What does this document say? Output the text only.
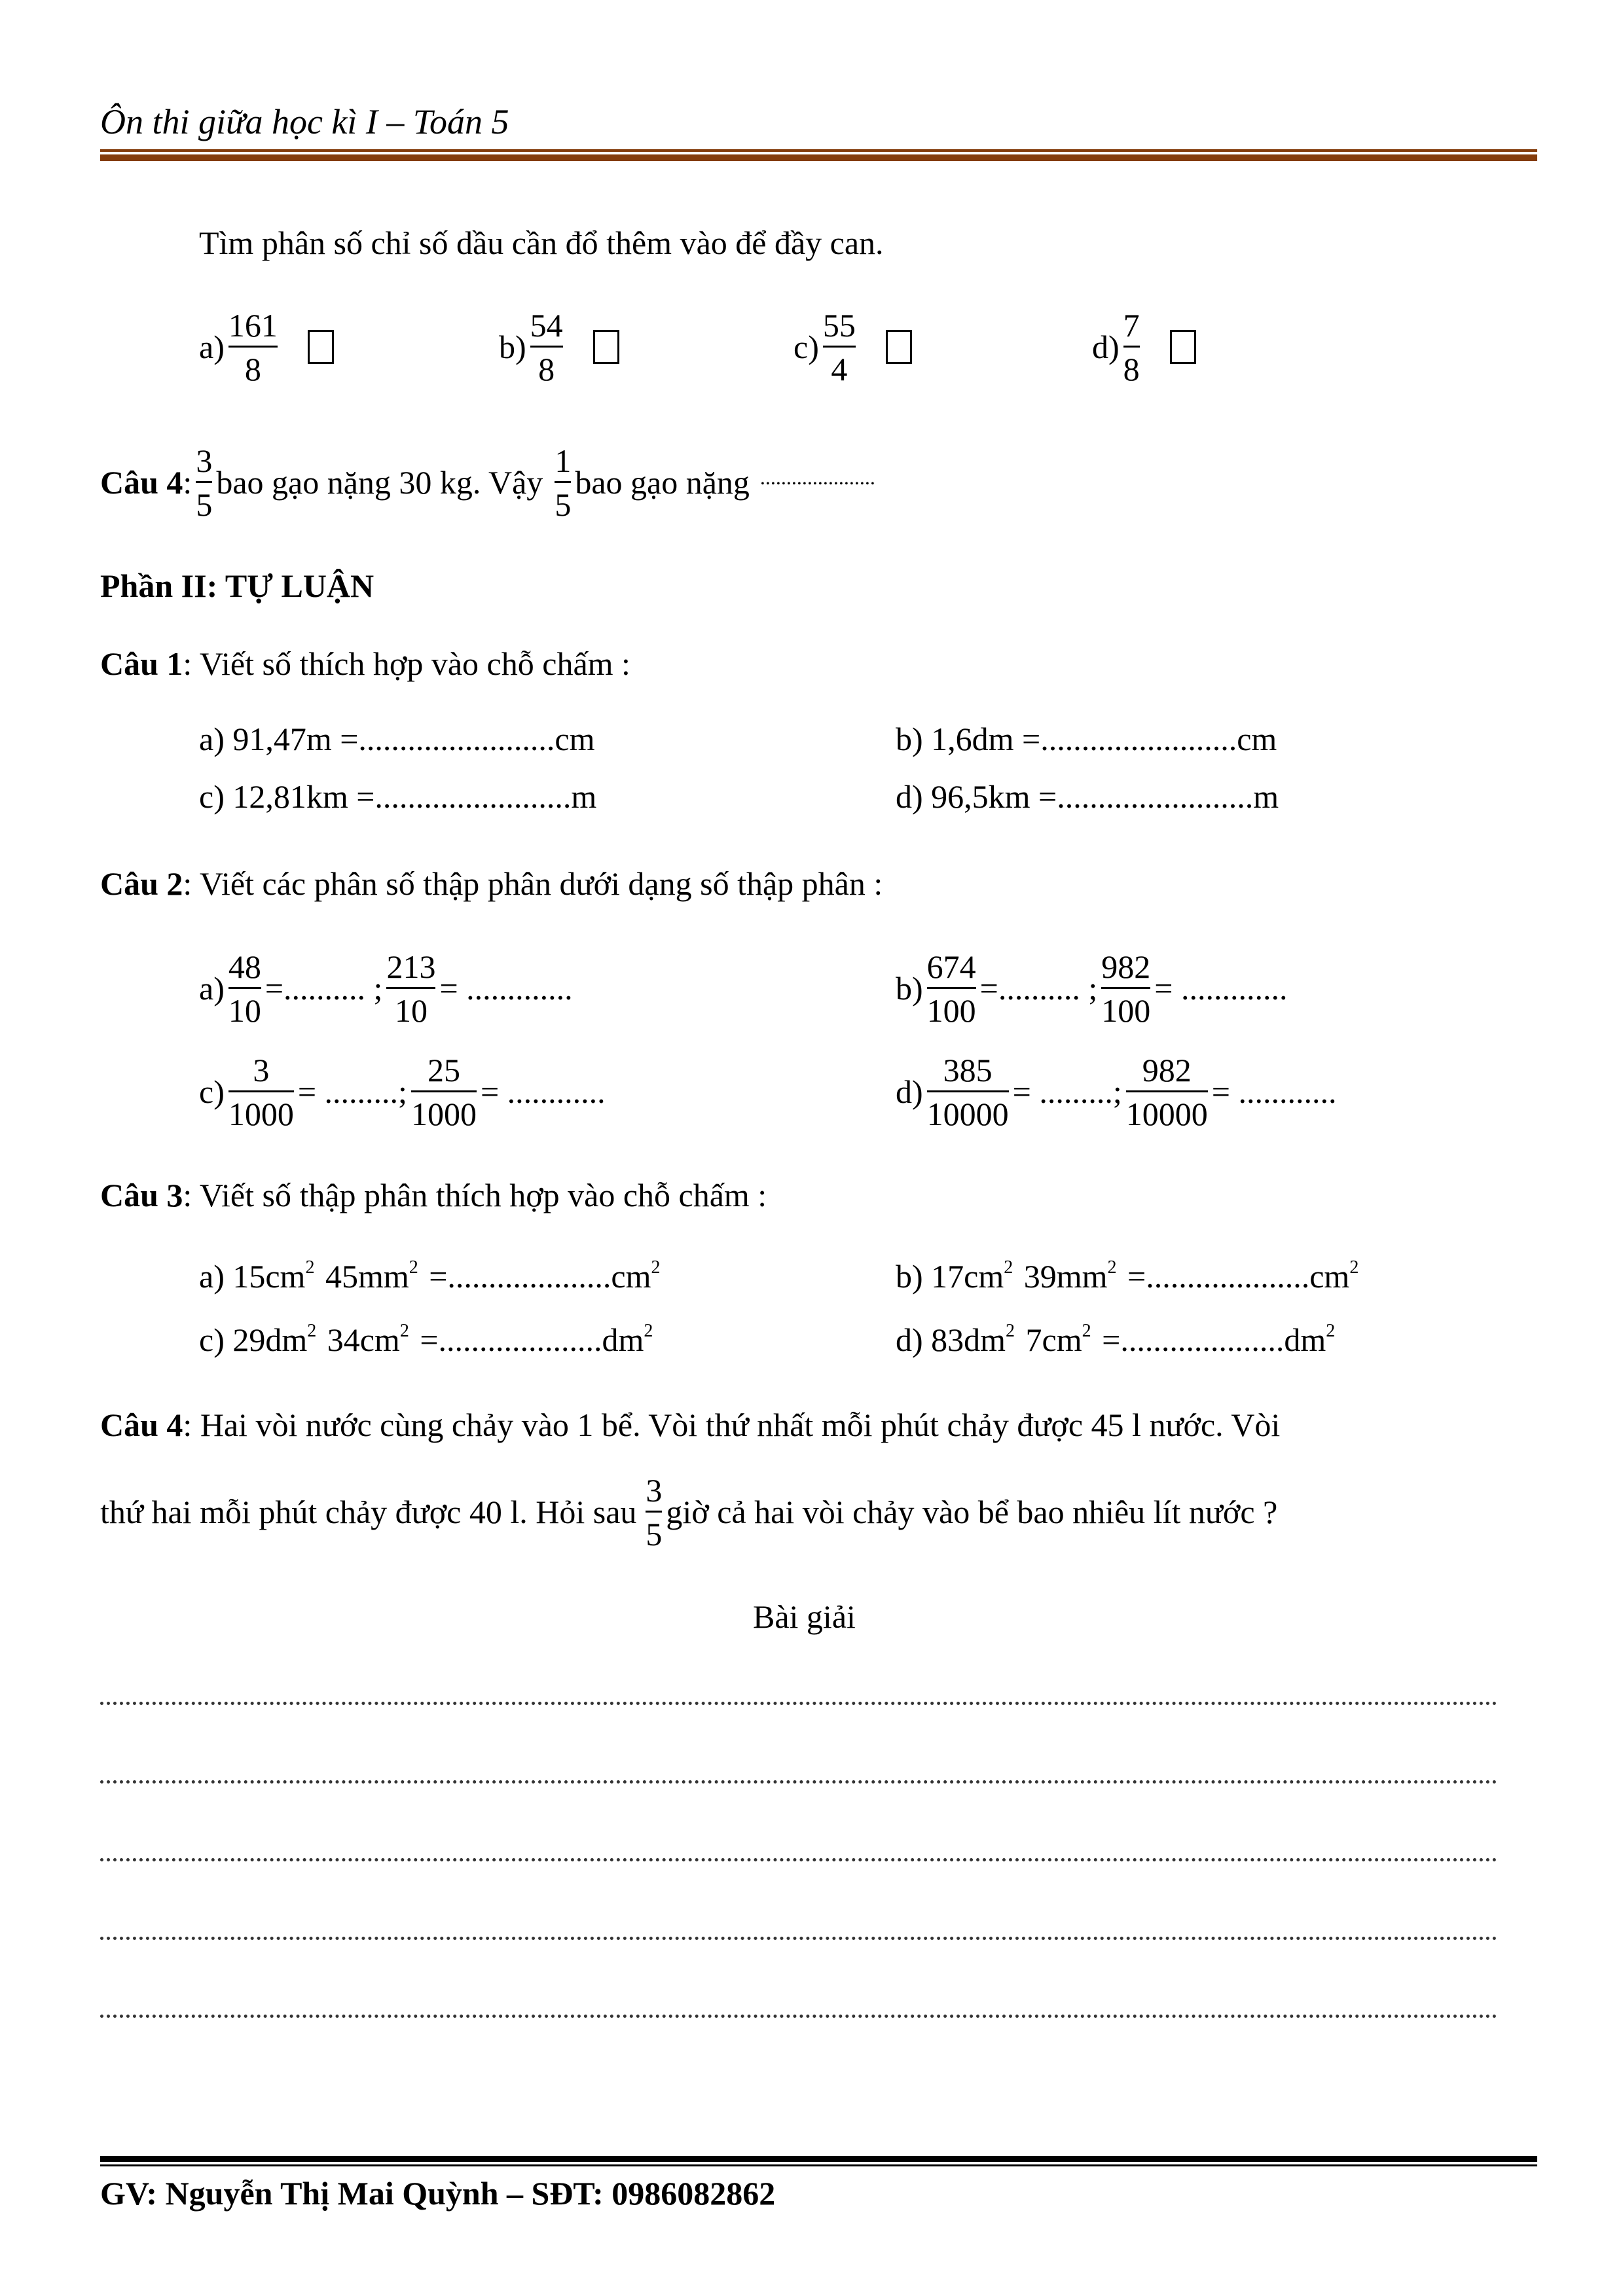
Ôn thi giữa học kì I – Toán 5
Tìm phân số chỉ số dầu cần đổ thêm vào để đầy can.
$a) \frac{161}{8}$	$b) \frac{54}{8}$	$c) \frac{55}{4}$	$d) \frac{7}{8}$
Câu 4 : $\frac{3}{5}$ bao gạo nặng 30 kg. Vậy $\frac{1}{5}$ bao gạo nặng ......................
Phần II: TỰ LUẬN
Câu 1: Viết số thích hợp vào chỗ chấm :
a) 91,47m =........................cm	b) 1,6dm =........................cm
c) 12,81km =........................m	d) 96,5km =........................m
Câu 2: Viết các phân số thập phân dưới dạng số thập phân :
$a) \frac{48}{10}$ =.......... ; $\frac{213}{10}$ = .............	$b) \frac{674}{100}$ =.......... ; $\frac{982}{100}$ = .............
$c) \frac{3}{1000}$ = .........; $\frac{25}{1000}$ = ............	$d) \frac{385}{10000}$ = .........; $\frac{982}{10000}$ = ............
Câu 3: Viết số thập phân thích hợp vào chỗ chấm :
a) $15cm^2$ $45mm^2 =....................cm^2$	b) $17cm^2$ $39mm^2 =....................cm^2$
c) $29dm^2$ $34cm^2 =....................dm^2$	d) $83dm^2$ $7cm^2 =....................dm^2$
Câu 4: Hai vòi nước cùng chảy vào 1 bể. Vòi thứ nhất mỗi phút chảy được 45 l nước. Vòi
thứ hai mỗi phút chảy được 40 l. Hỏi sau $\frac{3}{5}$ giờ cả hai vòi chảy vào bể bao nhiêu lít nước ?
Bài giải
GV: Nguyễn Thị Mai Quỳnh – SĐT: 0986082862
